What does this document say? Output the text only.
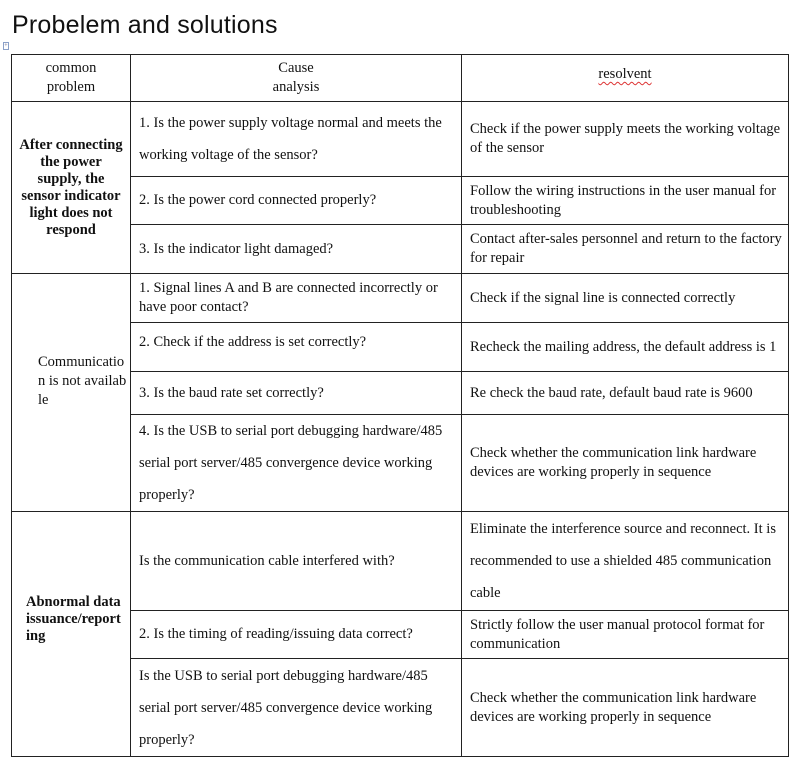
Probelem and solutions
+
common problem	Cause analysis	resolvent

After connecting the power supply, the sensor indicator light does not respond	1. Is the power supply voltage normal and meets the working voltage of the sensor?	Check if the power supply meets the working voltage of the sensor
	2. Is the power cord connected properly?	Follow the wiring instructions in the user manual for troubleshooting
	3. Is the indicator light damaged?	Contact after-sales personnel and return to the factory for repair

Communication is not available	1. Signal lines A and B are connected incorrectly or have poor contact?	Check if the signal line is connected correctly
	2. Check if the address is set correctly?	Recheck the mailing address, the default address is 1
	3. Is the baud rate set correctly?	Re check the baud rate, default baud rate is 9600
	4. Is the USB to serial port debugging hardware/485 serial port server/485 convergence device working properly?	Check whether the communication link hardware devices are working properly in sequence

Abnormal data issuance/reporting	Is the communication cable interfered with?	Eliminate the interference source and reconnect. It is recommended to use a shielded 485 communication cable
	2. Is the timing of reading/issuing data correct?	Strictly follow the user manual protocol format for communication
	Is the USB to serial port debugging hardware/485 serial port server/485 convergence device working properly?	Check whether the communication link hardware devices are working properly in sequence
